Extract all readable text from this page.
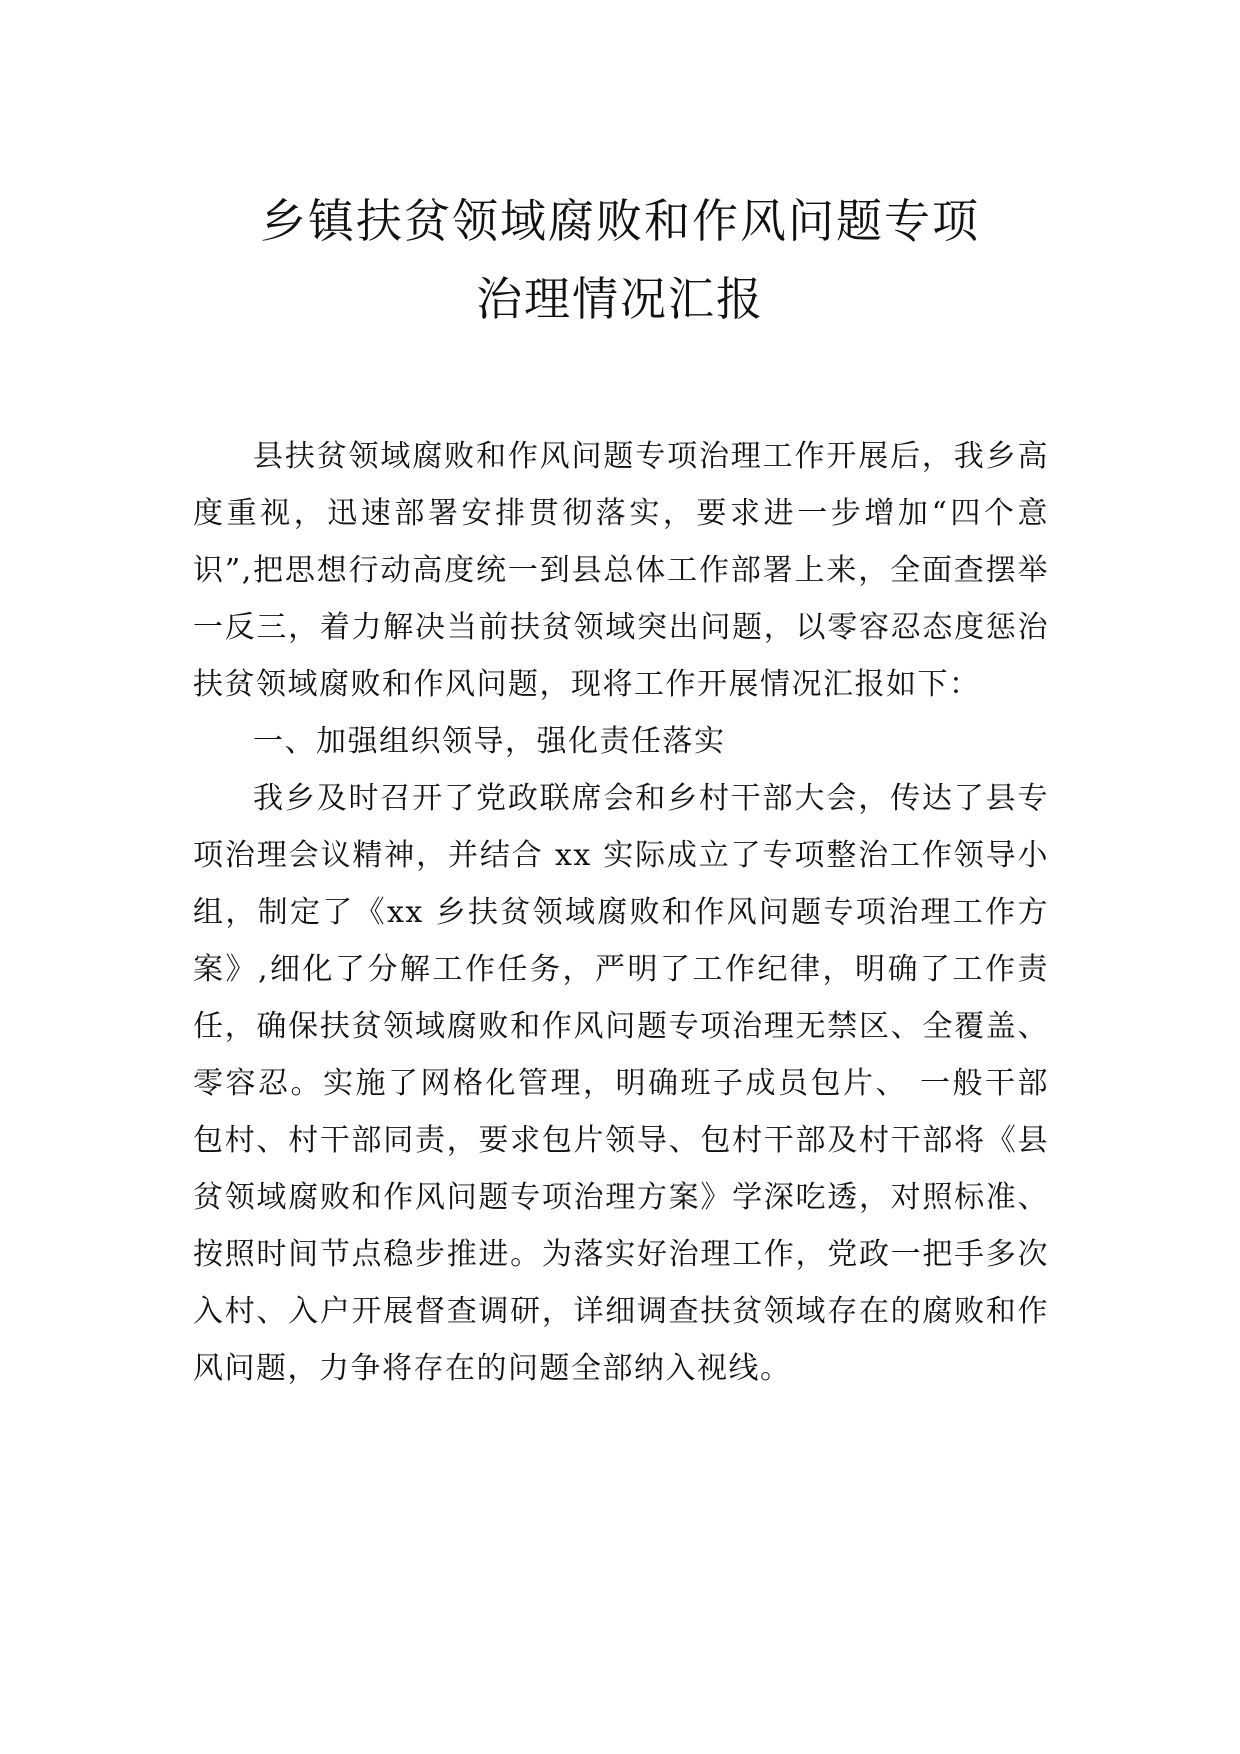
乡镇扶贫领域腐败和作风问题专项
治理情况汇报

县扶贫领域腐败和作风问题专项治理工作开展后，我乡高度重视，迅速部署安排贯彻落实，要求进一步增加“四个意识”,把思想行动高度统一到县总体工作部署上来，全面查摆举一反三，着力解决当前扶贫领域突出问题，以零容忍态度惩治扶贫领域腐败和作风问题，现将工作开展情况汇报如下：

一、加强组织领导，强化责任落实

我乡及时召开了党政联席会和乡村干部大会，传达了县专项治理会议精神，并结合 xx 实际成立了专项整治工作领导小组，制定了《xx 乡扶贫领域腐败和作风问题专项治理工作方案》,细化了分解工作任务，严明了工作纪律，明确了工作责任，确保扶贫领域腐败和作风问题专项治理无禁区、全覆盖、零容忍。实施了网格化管理，明确班子成员包片、 一般干部包村、村干部同责，要求包片领导、包村干部及村干部将《县贫领域腐败和作风问题专项治理方案》学深吃透，对照标准、按照时间节点稳步推进。为落实好治理工作，党政一把手多次入村、入户开展督查调研，详细调查扶贫领域存在的腐败和作风问题，力争将存在的问题全部纳入视线。
